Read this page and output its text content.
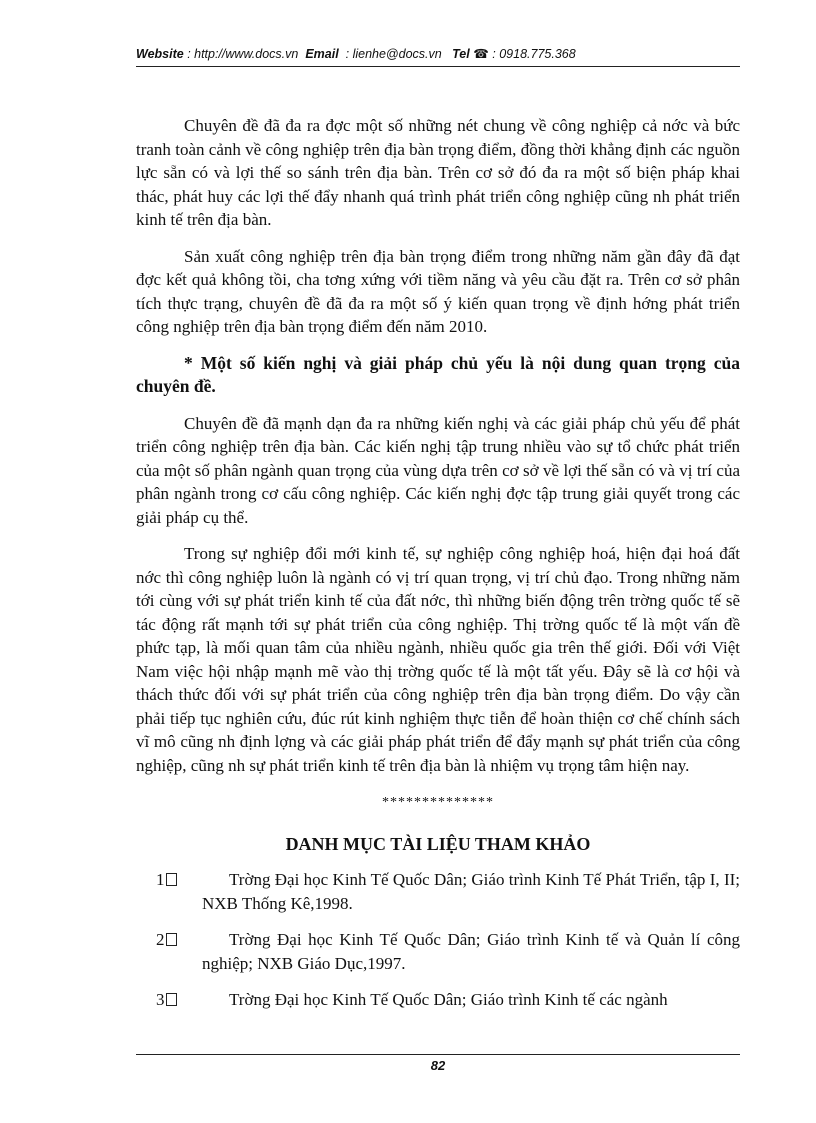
Website : http://www.docs.vn Email : lienhe@docs.vn Tel ☎ : 0918.775.368

Chuyên đề đã đa ra đợc một số những nét chung về công nghiệp cả nớc và bức tranh toàn cảnh về công nghiệp trên địa bàn trọng điểm, đồng thời khẳng định các nguồn lực sẵn có và lợi thế so sánh trên địa bàn. Trên cơ sở đó đa ra một số biện pháp khai thác, phát huy các lợi thế đẩy nhanh quá trình phát triển công nghiệp cũng nh phát triển kinh tế trên địa bàn.

Sản xuất công nghiệp trên địa bàn trọng điểm trong những năm gần đây đã đạt đợc kết quả không tồi, cha tơng xứng với tiềm năng và yêu cầu đặt ra. Trên cơ sở phân tích thực trạng, chuyên đề đã đa ra một số ý kiến quan trọng về định hớng phát triển công nghiệp trên địa bàn trọng điểm đến năm 2010.

* Một số kiến nghị và giải pháp chủ yếu là nội dung quan trọng của chuyên đề.

Chuyên đề đã mạnh dạn đa ra những kiến nghị và các giải pháp chủ yếu để phát triển công nghiệp trên địa bàn. Các kiến nghị tập trung nhiều vào sự tổ chức phát triển của một số phân ngành quan trọng của vùng dựa trên cơ sở về lợi thế sẵn có và vị trí của phân ngành trong cơ cấu công nghiệp. Các kiến nghị đợc tập trung giải quyết trong các giải pháp cụ thể.

Trong sự nghiệp đổi mới kinh tế, sự nghiệp công nghiệp hoá, hiện đại hoá đất nớc thì công nghiệp luôn là ngành có vị trí quan trọng, vị trí chủ đạo. Trong những năm tới cùng với sự phát triển kinh tế của đất nớc, thì những biến động trên trờng quốc tế sẽ tác động rất mạnh tới sự phát triển của công nghiệp. Thị trờng quốc tế là một vấn đề phức tạp, là mối quan tâm của nhiều ngành, nhiều quốc gia trên thế giới. Đối với Việt Nam việc hội nhập mạnh mẽ vào thị trờng quốc tế là một tất yếu. Đây sẽ là cơ hội và thách thức đối với sự phát triển của công nghiệp trên địa bàn trọng điểm. Do vậy cần phải tiếp tục nghiên cứu, đúc rút kinh nghiệm thực tiễn để hoàn thiện cơ chế chính sách vĩ mô cũng nh định lợng và các giải pháp phát triển để đẩy mạnh sự phát triển của công nghiệp, cũng nh sự phát triển kinh tế trên địa bàn là nhiệm vụ trọng tâm hiện nay.

**************

DANH MỤC TÀI LIỆU THAM KHẢO

1	Trờng Đại học Kinh Tế Quốc Dân; Giáo trình Kinh Tế Phát Triển, tập I, II; NXB Thống Kê,1998.
2	Trờng Đại học Kinh Tế Quốc Dân; Giáo trình Kinh tế và Quản lí công nghiệp; NXB Giáo Dục,1997.
3	Trờng Đại học Kinh Tế Quốc Dân; Giáo trình Kinh tế các ngành
82
